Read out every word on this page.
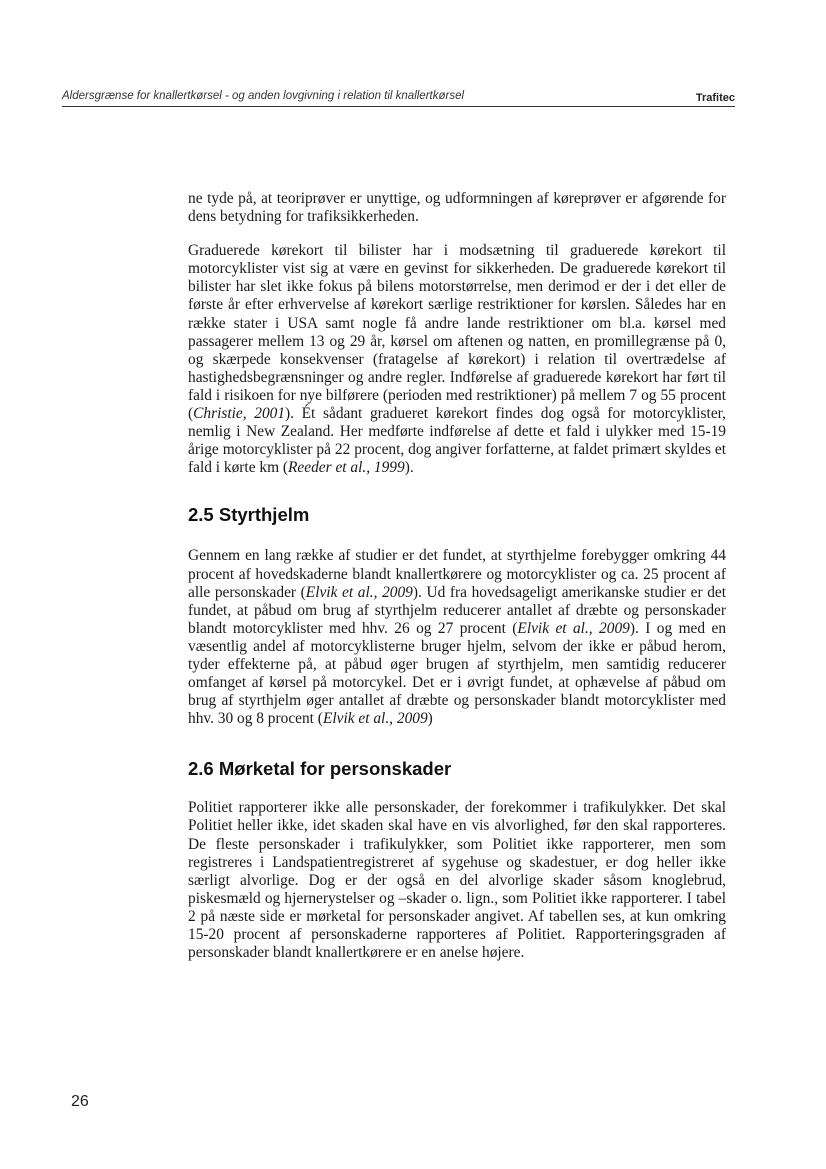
Aldersgrænse for knallertkørsel - og anden lovgivning i relation til knallertkørsel	Trafitec

ne tyde på, at teoriprøver er unyttige, og udformningen af køreprøver er afgørende for dens betydning for trafiksikkerheden.

Graduerede kørekort til bilister har i modsætning til graduerede kørekort til motorcyklister vist sig at være en gevinst for sikkerheden. De graduerede kørekort til bilister har slet ikke fokus på bilens motorstørrelse, men derimod er der i det eller de første år efter erhvervelse af kørekort særlige restriktioner for kørslen. Således har en række stater i USA samt nogle få andre lande restriktioner om bl.a. kørsel med passagerer mellem 13 og 29 år, kørsel om aftenen og natten, en promillegrænse på 0, og skærpede konsekvenser (fratagelse af kørekort) i relation til overtrædelse af hastighedsbegrænsninger og andre regler. Indførelse af graduerede kørekort har ført til fald i risikoen for nye bilførere (perioden med restriktioner) på mellem 7 og 55 procent (Christie, 2001). Ét sådant gradueret kørekort findes dog også for motorcyklister, nemlig i New Zealand. Her medførte indførelse af dette et fald i ulykker med 15-19 årige motorcyklister på 22 procent, dog angiver forfatterne, at faldet primært skyldes et fald i kørte km (Reeder et al., 1999).

2.5 Styrthjelm

Gennem en lang række af studier er det fundet, at styrthjelme forebygger omkring 44 procent af hovedskaderne blandt knallertkørere og motorcyklister og ca. 25 procent af alle personskader (Elvik et al., 2009). Ud fra hovedsageligt amerikanske studier er det fundet, at påbud om brug af styrthjelm reducerer antallet af dræbte og personskader blandt motorcyklister med hhv. 26 og 27 procent (Elvik et al., 2009). I og med en væsentlig andel af motorcyklisterne bruger hjelm, selvom der ikke er påbud herom, tyder effekterne på, at påbud øger brugen af styrthjelm, men samtidig reducerer omfanget af kørsel på motorcykel. Det er i øvrigt fundet, at ophævelse af påbud om brug af styrthjelm øger antallet af dræbte og personskader blandt motorcyklister med hhv. 30 og 8 procent (Elvik et al., 2009)

2.6 Mørketal for personskader

Politiet rapporterer ikke alle personskader, der forekommer i trafikulykker. Det skal Politiet heller ikke, idet skaden skal have en vis alvorlighed, før den skal rapporteres. De fleste personskader i trafikulykker, som Politiet ikke rapporterer, men som registreres i Landspatientregistreret af sygehuse og skadestuer, er dog heller ikke særligt alvorlige. Dog er der også en del alvorlige skader såsom knoglebrud, piskesmæld og hjernerystelser og –skader o. lign., som Politiet ikke rapporterer. I tabel 2 på næste side er mørketal for personskader angivet. Af tabellen ses, at kun omkring 15-20 procent af personskaderne rapporteres af Politiet. Rapporteringsgraden af personskader blandt knallertkørere er en anelse højere.

26
